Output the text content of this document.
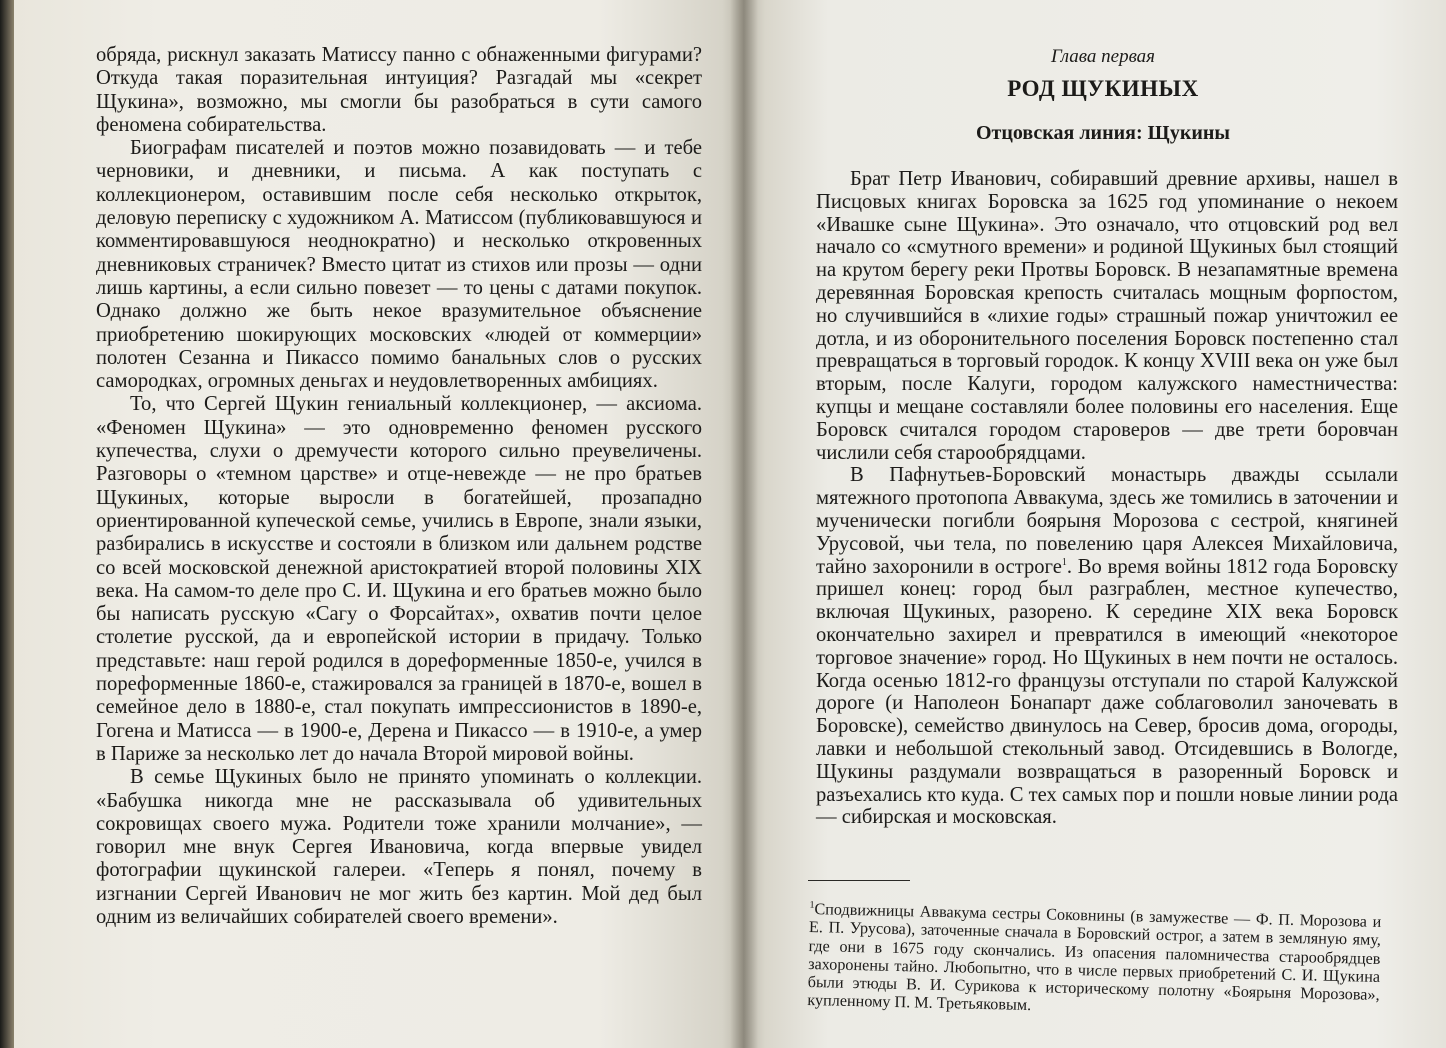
обряда, рискнул заказать Матиссу панно с обнаженными фигурами? Откуда такая поразительная интуиция? Разгадай мы «секрет Щукина», возможно, мы смогли бы разобраться в сути самого феномена собирательства.

Биографам писателей и поэтов можно позавидовать — и тебе черновики, и дневники, и письма. А как поступать с коллекционером, оставившим после себя несколько открыток, деловую переписку с художником А. Матиссом (публиковавшуюся и комментировавшуюся неоднократно) и несколько откровенных дневниковых страничек? Вместо цитат из стихов или прозы — одни лишь картины, а если сильно повезет — то цены с датами покупок. Однако должно же быть некое вразумительное объяснение приобретению шокирующих московских «людей от коммерции» полотен Сезанна и Пикассо помимо банальных слов о русских самородках, огромных деньгах и неудовлетворенных амбициях.

То, что Сергей Щукин гениальный коллекционер, — аксиома. «Феномен Щукина» — это одновременно феномен русского купечества, слухи о дремучести которого сильно преувеличены. Разговоры о «темном царстве» и отце-невежде — не про братьев Щукиных, которые выросли в богатейшей, прозападно ориентированной купеческой семье, учились в Европе, знали языки, разбирались в искусстве и состояли в близком или дальнем родстве со всей московской денежной аристократией второй половины XIX века. На самом-то деле про С. И. Щукина и его братьев можно было бы написать русскую «Сагу о Форсайтах», охватив почти целое столетие русской, да и европейской истории в придачу. Только представьте: наш герой родился в дореформенные 1850-е, учился в пореформенные 1860-е, стажировался за границей в 1870-е, вошел в семейное дело в 1880-е, стал покупать импрессионистов в 1890-е, Гогена и Матисса — в 1900-е, Дерена и Пикассо — в 1910-е, а умер в Париже за несколько лет до начала Второй мировой войны.

В семье Щукиных было не принято упоминать о коллекции. «Бабушка никогда мне не рассказывала об удивительных сокровищах своего мужа. Родители тоже хранили молчание», — говорил мне внук Сергея Ивановича, когда впервые увидел фотографии щукинской галереи. «Теперь я понял, почему в изгнании Сергей Иванович не мог жить без картин. Мой дед был одним из величайших собирателей своего времени».

Глава первая
РОД ЩУКИНЫХ
Отцовская линия: Щукины

Брат Петр Иванович, собиравший древние архивы, нашел в Писцовых книгах Боровска за 1625 год упоминание о некоем «Ивашке сыне Щукина». Это означало, что отцовский род вел начало со «смутного времени» и родиной Щукиных был стоящий на крутом берегу реки Протвы Боровск. В незапамятные времена деревянная Боровская крепость считалась мощным форпостом, но случившийся в «лихие годы» страшный пожар уничтожил ее дотла, и из оборонительного поселения Боровск постепенно стал превращаться в торговый городок. К концу XVIII века он уже был вторым, после Калуги, городом калужского наместничества: купцы и мещане составляли более половины его населения. Еще Боровск считался городом староверов — две трети боровчан числили себя старообрядцами.

В Пафнутьев-Боровский монастырь дважды ссылали мятежного протопопа Аввакума, здесь же томились в заточении и мученически погибли боярыня Морозова с сестрой, княгиней Урусовой, чьи тела, по повелению царя Алексея Михайловича, тайно захоронили в остроге$^1$. Во время войны 1812 года Боровску пришел конец: город был разграблен, местное купечество, включая Щукиных, разорено. К середине XIX века Боровск окончательно захирел и превратился в имеющий «некоторое торговое значение» город. Но Щукиных в нем почти не осталось. Когда осенью 1812-го французы отступали по старой Калужской дороге (и Наполеон Бонапарт даже соблаговолил заночевать в Боровске), семейство двинулось на Север, бросив дома, огороды, лавки и небольшой стекольный завод. Отсидевшись в Вологде, Щукины раздумали возвращаться в разоренный Боровск и разъехались кто куда. С тех самых пор и пошли новые линии рода — сибирская и московская.

$^1$Сподвижницы Аввакума сестры Соковнины (в замужестве — Ф. П. Морозова и Е. П. Урусова), заточенные сначала в Боровский острог, а затем в земляную яму, где они в 1675 году скончались. Из опасения паломничества старообрядцев захоронены тайно. Любопытно, что в числе первых приобретений С. И. Щукина были этюды В. И. Сурикова к историческому полотну «Боярыня Морозова», купленному П. М. Третьяковым.
